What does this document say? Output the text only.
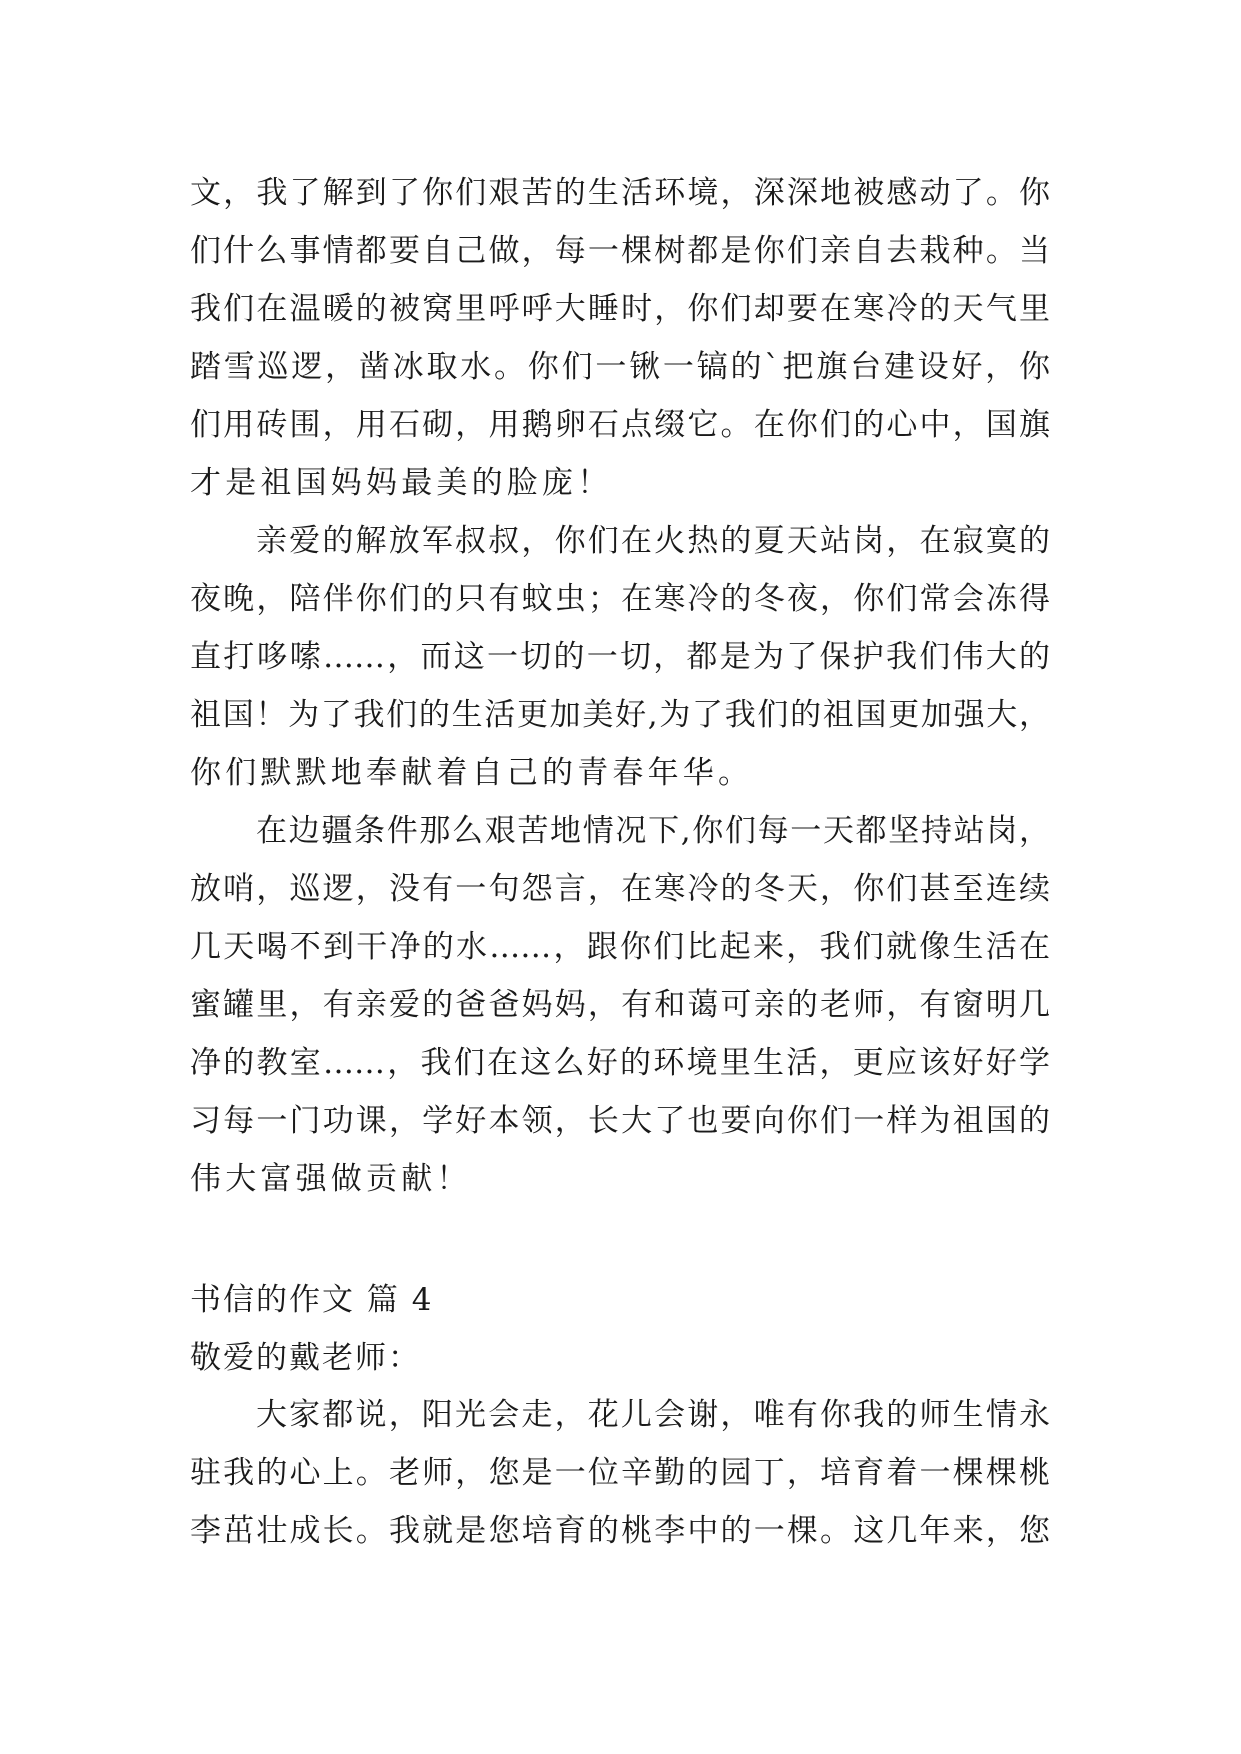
文，我了解到了你们艰苦的生活环境，深深地被感动了。你
们什么事情都要自己做，每一棵树都是你们亲自去栽种。当
我们在温暖的被窝里呼呼大睡时，你们却要在寒冷的天气里
踏雪巡逻，凿冰取水。你们一锹一镐的`把旗台建设好，你
们用砖围，用石砌，用鹅卵石点缀它。在你们的心中，国旗
才是祖国妈妈最美的脸庞！
亲爱的解放军叔叔，你们在火热的夏天站岗，在寂寞的
夜晚，陪伴你们的只有蚊虫；在寒冷的冬夜，你们常会冻得
直打哆嗦……，而这一切的一切，都是为了保护我们伟大的
祖国！为了我们的生活更加美好,为了我们的祖国更加强大，
你们默默地奉献着自己的青春年华。
在边疆条件那么艰苦地情况下,你们每一天都坚持站岗，
放哨，巡逻，没有一句怨言，在寒冷的冬天，你们甚至连续
几天喝不到干净的水……，跟你们比起来，我们就像生活在
蜜罐里，有亲爱的爸爸妈妈，有和蔼可亲的老师，有窗明几
净的教室……，我们在这么好的环境里生活，更应该好好学
习每一门功课，学好本领，长大了也要向你们一样为祖国的
伟大富强做贡献！
书信的作文 篇 4
敬爱的戴老师：
大家都说，阳光会走，花儿会谢，唯有你我的师生情永
驻我的心上。老师，您是一位辛勤的园丁，培育着一棵棵桃
李茁壮成长。我就是您培育的桃李中的一棵。这几年来，您
